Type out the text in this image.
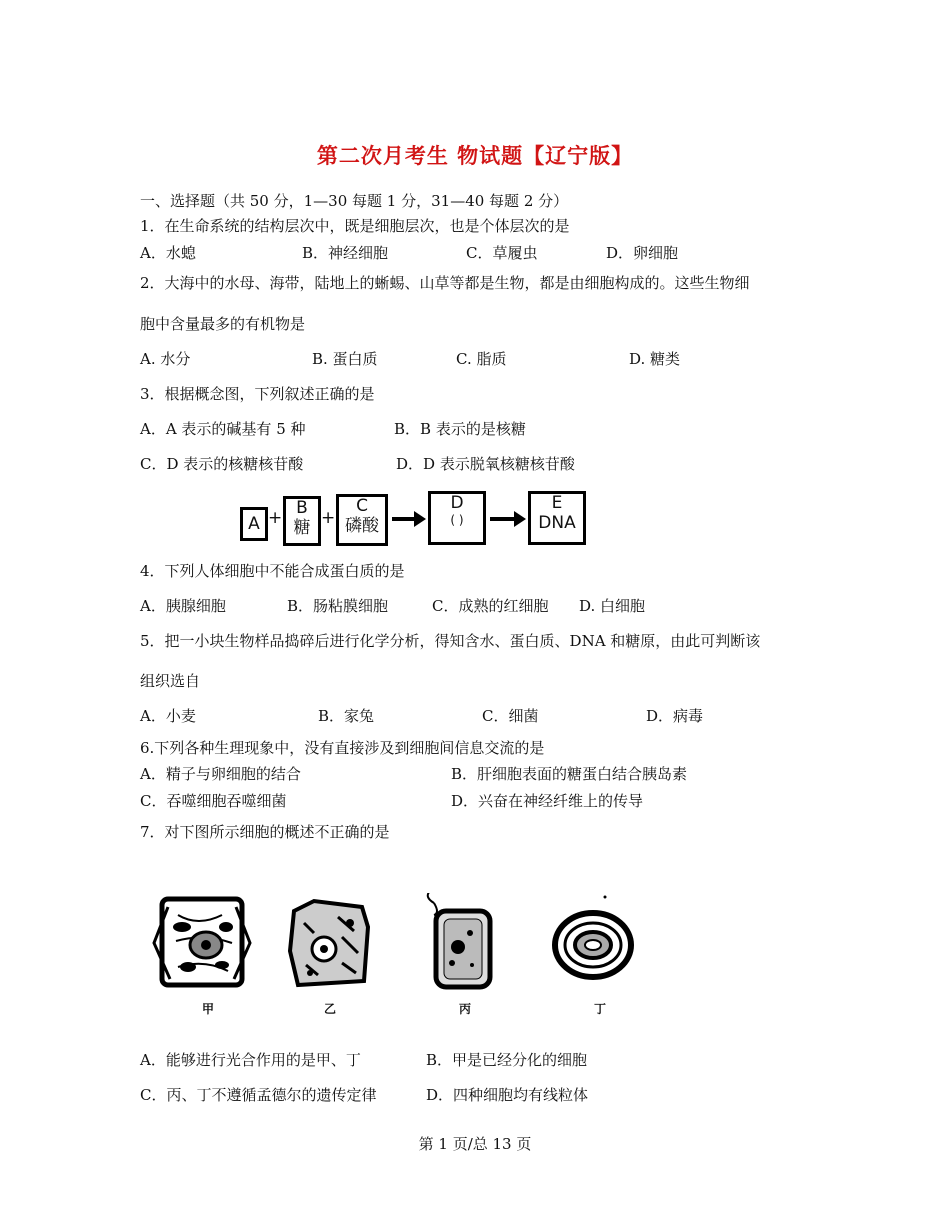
第二次月考生 物试题【辽宁版】
一、选择题（共 50 分，1—30 每题 1 分，31—40 每题 2 分）
1．在生命系统的结构层次中，既是细胞层次，也是个体层次的是
A．水螅	B．神经细胞	C．草履虫	D．卵细胞
2．大海中的水母、海带，陆地上的蜥蜴、山草等都是生物，都是由细胞构成的。这些生物细
胞中含量最多的有机物是
A. 水分	B. 蛋白质	C. 脂质	D. 糖类
3．根据概念图，下列叙述正确的是
A．A 表示的碱基有 5 种	B．B 表示的是核糖
C．D 表示的核糖核苷酸	D．D 表示脱氧核糖核苷酸
A + B
糖 +
C
磷酸
D
( )
E
DNA
4．下列人体细胞中不能合成蛋白质的是
A．胰腺细胞	B．肠粘膜细胞	C．成熟的红细胞 D. 白细胞
5．把一小块生物样品捣碎后进行化学分析，得知含水、蛋白质、DNA 和糖原，由此可判断该
组织选自
A．小麦	B．家兔	C．细菌	D．病毒
6.下列各种生理现象中，没有直接涉及到细胞间信息交流的是
A．精子与卵细胞的结合	B．肝细胞表面的糖蛋白结合胰岛素
C．吞噬细胞吞噬细菌	D．兴奋在神经纤维上的传导
7．对下图所示细胞的概述不正确的是
甲	乙	丙	丁
A．能够进行光合作用的是甲、丁	B．甲是已经分化的细胞
C．丙、丁不遵循孟德尔的遗传定律	D．四种细胞均有线粒体
第 1 页/总 13 页
